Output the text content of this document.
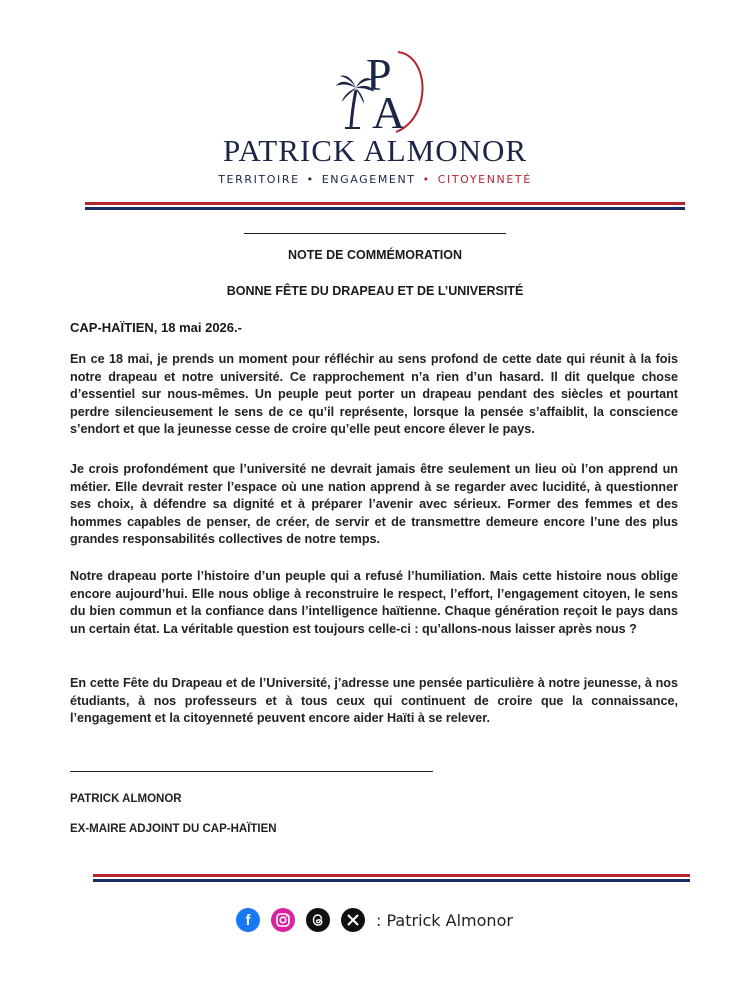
P
A
PATRICK ALMONOR
TERRITOIRE • ENGAGEMENT • CITOYENNETÉ
NOTE DE COMMÉMORATION
BONNE FÊTE DU DRAPEAU ET DE L’UNIVERSITÉ
CAP-HAÏTIEN, 18 mai 2026.-

En ce 18 mai, je prends un moment pour réfléchir au sens profond de cette date qui réunit à la fois notre drapeau et notre université. Ce rapprochement n’a rien d’un hasard. Il dit quelque chose d’essentiel sur nous-mêmes. Un peuple peut porter un drapeau pendant des siècles et pourtant perdre silencieusement le sens de ce qu’il représente, lorsque la pensée s’affaiblit, la conscience s’endort et que la jeunesse cesse de croire qu’elle peut encore élever le pays.

Je crois profondément que l’université ne devrait jamais être seulement un lieu où l’on apprend un métier. Elle devrait rester l’espace où une nation apprend à se regarder avec lucidité, à questionner ses choix, à défendre sa dignité et à préparer l’avenir avec sérieux. Former des femmes et des hommes capables de penser, de créer, de servir et de transmettre demeure encore l’une des plus grandes responsabilités collectives de notre temps.

Notre drapeau porte l’histoire d’un peuple qui a refusé l’humiliation. Mais cette histoire nous oblige encore aujourd’hui. Elle nous oblige à reconstruire le respect, l’effort, l’engagement citoyen, le sens du bien commun et la confiance dans l’intelligence haïtienne. Chaque génération reçoit le pays dans un certain état. La véritable question est toujours celle-ci : qu’allons-nous laisser après nous ?

En cette Fête du Drapeau et de l’Université, j’adresse une pensée particulière à notre jeunesse, à nos étudiants, à nos professeurs et à tous ceux qui continuent de croire que la connaissance, l’engagement et la citoyenneté peuvent encore aider Haïti à se relever.

PATRICK ALMONOR
EX-MAIRE ADJOINT DU CAP-HAÏTIEN
f	: Patrick Almonor
